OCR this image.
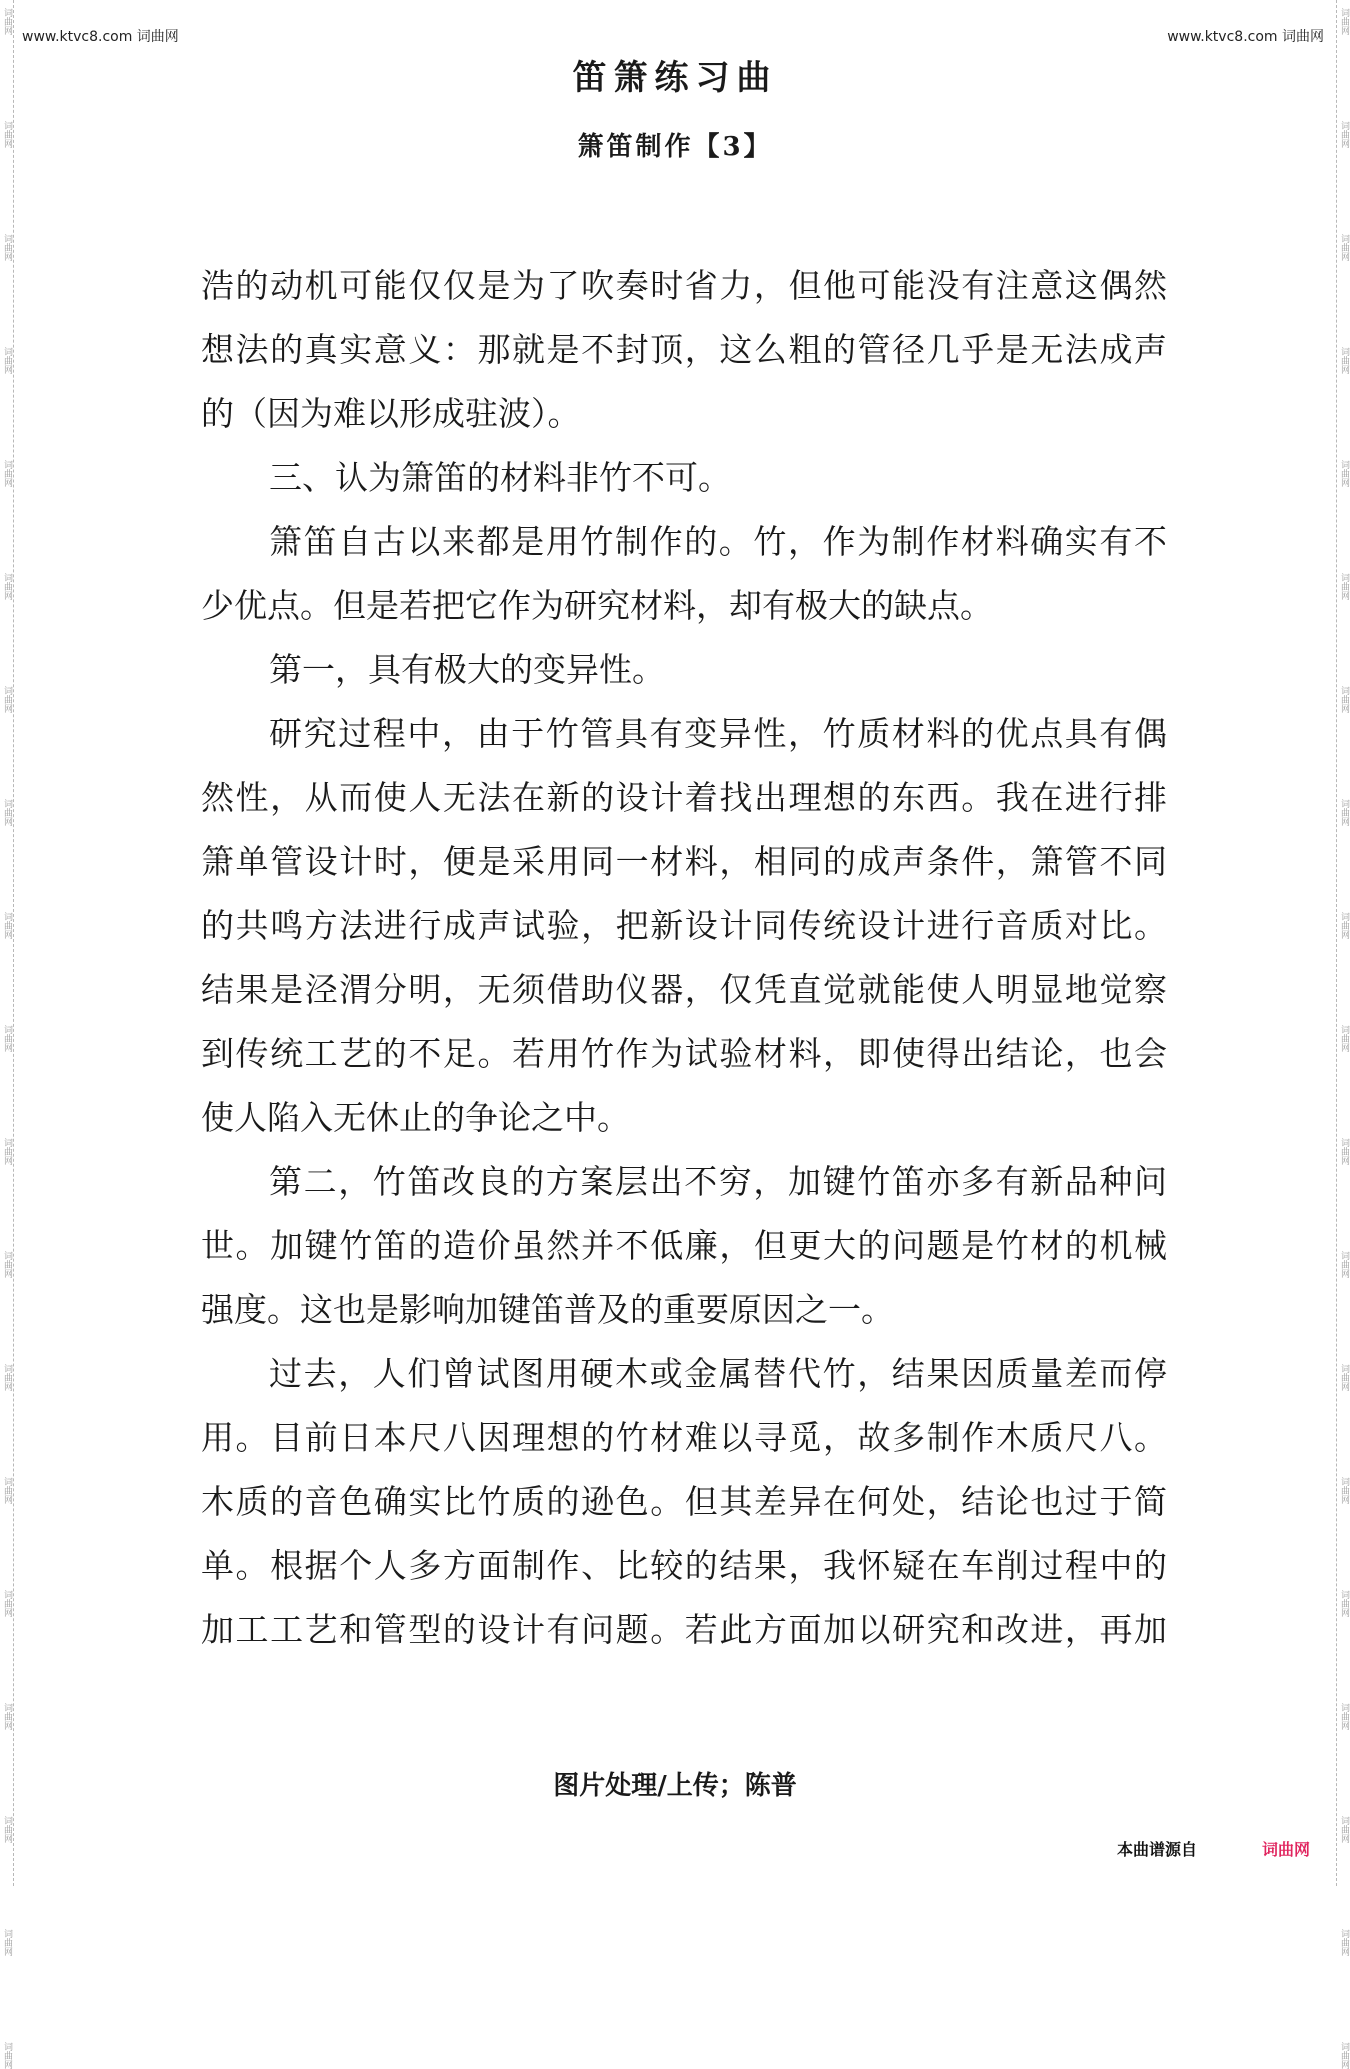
词曲网
词曲网
词曲网
词曲网
词曲网
词曲网
词曲网
词曲网
词曲网
词曲网
词曲网
词曲网
词曲网
词曲网
词曲网
词曲网
词曲网
词曲网
词曲网
词曲网
词曲网
词曲网
词曲网
词曲网
词曲网
词曲网
词曲网
词曲网
词曲网
词曲网
词曲网
词曲网
词曲网
词曲网
词曲网
词曲网
词曲网
词曲网
www.ktvc8.com 词曲网	www.ktvc8.com 词曲网
笛箫练习曲
箫笛制作【3】
浩的动机可能仅仅是为了吹奏时省力，但他可能没有注意这偶然
想法的真实意义：那就是不封顶，这么粗的管径几乎是无法成声
的（因为难以形成驻波）。
三、认为箫笛的材料非竹不可。
箫笛自古以来都是用竹制作的。竹，作为制作材料确实有不
少优点。但是若把它作为研究材料，却有极大的缺点。
第一，具有极大的变异性。
研究过程中，由于竹管具有变异性，竹质材料的优点具有偶
然性，从而使人无法在新的设计着找出理想的东西。我在进行排
箫单管设计时，便是采用同一材料，相同的成声条件，箫管不同
的共鸣方法进行成声试验，把新设计同传统设计进行音质对比。
结果是泾渭分明，无须借助仪器，仅凭直觉就能使人明显地觉察
到传统工艺的不足。若用竹作为试验材料，即使得出结论，也会
使人陷入无休止的争论之中。
第二，竹笛改良的方案层出不穷，加键竹笛亦多有新品种问
世。加键竹笛的造价虽然并不低廉，但更大的问题是竹材的机械
强度。这也是影响加键笛普及的重要原因之一。
过去，人们曾试图用硬木或金属替代竹，结果因质量差而停
用。目前日本尺八因理想的竹材难以寻觅，故多制作木质尺八。
木质的音色确实比竹质的逊色。但其差异在何处，结论也过于简
单。根据个人多方面制作、比较的结果，我怀疑在车削过程中的
加工工艺和管型的设计有问题。若此方面加以研究和改进，再加
图片处理/上传；陈普
本曲谱源自	词曲网
